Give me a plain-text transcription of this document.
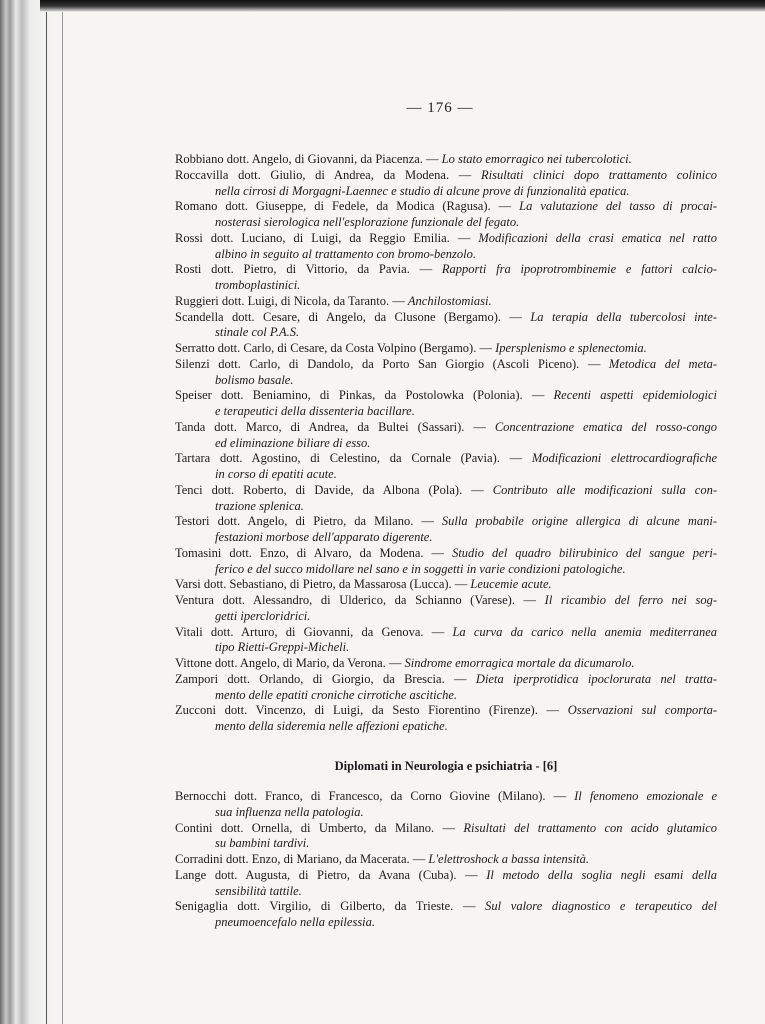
— 176 —
Robbiano dott. Angelo, di Giovanni, da Piacenza. — Lo stato emorragico nei tubercolotici.
Roccavilla dott. Giulio, di Andrea, da Modena. — Risultati clinici dopo trattamento colinico
nella cirrosi di Morgagni-Laennec e studio di alcune prove di funzionalità epatica.
Romano dott. Giuseppe, di Fedele, da Modica (Ragusa). — La valutazione del tasso di procai-
nosterasi sierologica nell'esplorazione funzionale del fegato.
Rossi dott. Luciano, di Luigi, da Reggio Emilia. — Modificazioni della crasi ematica nel ratto
albino in seguito al trattamento con bromo-benzolo.
Rosti dott. Pietro, di Vittorio, da Pavia. — Rapporti fra ipoprotrombinemie e fattori calcio-
tromboplastinici.
Ruggieri dott. Luigi, di Nicola, da Taranto. — Anchilostomiasi.
Scandella dott. Cesare, di Angelo, da Clusone (Bergamo). — La terapia della tubercolosi inte-
stinale col P.A.S.
Serratto dott. Carlo, di Cesare, da Costa Volpino (Bergamo). — Ipersplenismo e splenectomia.
Silenzi dott. Carlo, di Dandolo, da Porto San Giorgio (Ascoli Piceno). — Metodica del meta-
bolismo basale.
Speiser dott. Beniamino, di Pinkas, da Postolowka (Polonia). — Recenti aspetti epidemiologici
e terapeutici della dissenteria bacillare.
Tanda dott. Marco, di Andrea, da Bultei (Sassari). — Concentrazione ematica del rosso-congo
ed eliminazione biliare di esso.
Tartara dott. Agostino, di Celestino, da Cornale (Pavia). — Modificazioni elettrocardiografiche
in corso di epatiti acute.
Tenci dott. Roberto, di Davide, da Albona (Pola). — Contributo alle modificazioni sulla con-
trazione splenica.
Testori dott. Angelo, di Pietro, da Milano. — Sulla probabile origine allergica di alcune mani-
festazioni morbose dell'apparato digerente.
Tomasini dott. Enzo, di Alvaro, da Modena. — Studio del quadro bilirubinico del sangue peri-
ferico e del succo midollare nel sano e in soggetti in varie condizioni patologiche.
Varsi dott. Sebastiano, di Pietro, da Massarosa (Lucca). — Leucemie acute.
Ventura dott. Alessandro, di Ulderico, da Schianno (Varese). — Il ricambio del ferro nei sog-
getti ipercloridrici.
Vitali dott. Arturo, di Giovanni, da Genova. — La curva da carico nella anemia mediterranea
tipo Rietti-Greppi-Micheli.
Vittone dott. Angelo, di Mario, da Verona. — Sindrome emorragica mortale da dicumarolo.
Zampori dott. Orlando, di Giorgio, da Brescia. — Dieta iperprotidica ipoclorurata nel tratta-
mento delle epatiti croniche cirrotiche ascitiche.
Zucconi dott. Vincenzo, di Luigi, da Sesto Fiorentino (Firenze). — Osservazioni sul comporta-
mento della sideremia nelle affezioni epatiche.
Diplomati in Neurologia e psichiatria - [6]
Bernocchi dott. Franco, di Francesco, da Corno Giovine (Milano). — Il fenomeno emozionale e
sua influenza nella patologia.
Contini dott. Ornella, di Umberto, da Milano. — Risultati del trattamento con acido glutamico
su bambini tardivi.
Corradini dott. Enzo, di Mariano, da Macerata. — L'elettroshock a bassa intensità.
Lange dott. Augusta, di Pietro, da Avana (Cuba). — Il metodo della soglia negli esami della
sensibilità tattile.
Senigaglia dott. Virgilio, di Gilberto, da Trieste. — Sul valore diagnostico e terapeutico del
pneumoencefalo nella epilessia.
